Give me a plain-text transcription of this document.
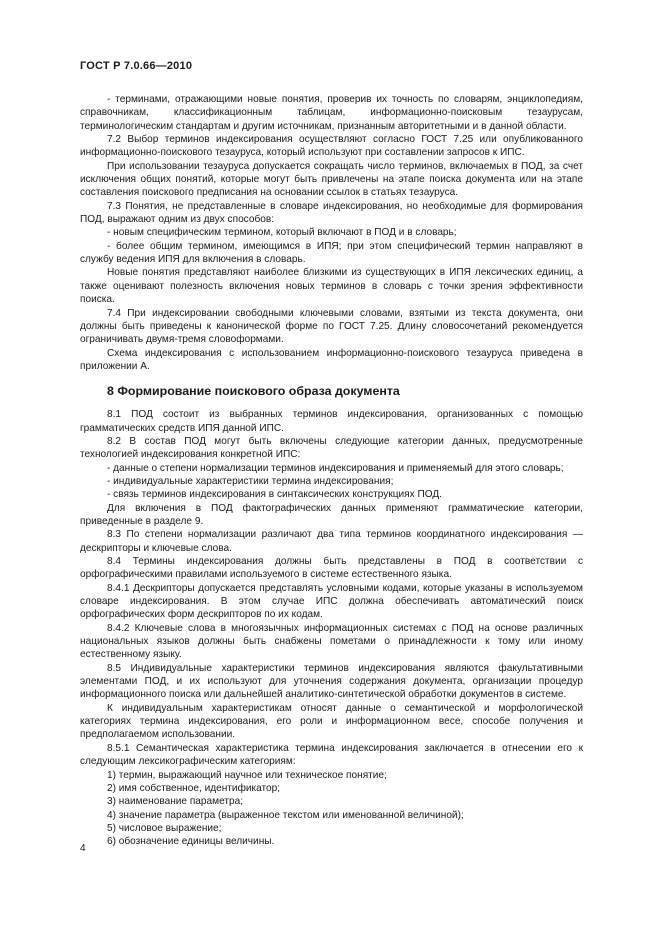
ГОСТ Р 7.0.66—2010

- терминами, отражающими новые понятия, проверив их точность по словарям, энциклопедиям, справочникам, классификационным таблицам, информационно-поисковым тезаурусам, терминологическим стандартам и другим источникам, признанным авторитетными и в данной области.

7.2 Выбор терминов индексирования осуществляют согласно ГОСТ 7.25 или опубликованного информационно-поискового тезауруса, который используют при составлении запросов к ИПС.

При использовании тезауруса допускается сокращать число терминов, включаемых в ПОД, за счет исключения общих понятий, которые могут быть привлечены на этапе поиска документа или на этапе составления поискового предписания на основании ссылок в статьях тезауруса.

7.3 Понятия, не представленные в словаре индексирования, но необходимые для формирования ПОД, выражают одним из двух способов:

- новым специфическим термином, который включают в ПОД и в словарь;

- более общим термином, имеющимся в ИПЯ; при этом специфический термин направляют в службу ведения ИПЯ для включения в словарь.

Новые понятия представляют наиболее близкими из существующих в ИПЯ лексических единиц, а также оценивают полезность включения новых терминов в словарь с точки зрения эффективности поиска.

7.4 При индексировании свободными ключевыми словами, взятыми из текста документа, они должны быть приведены к канонической форме по ГОСТ 7.25. Длину словосочетаний рекомендуется ограничивать двумя-тремя словоформами.

Схема индексирования с использованием информационно-поискового тезауруса приведена в приложении А.

8 Формирование поискового образа документа

8.1 ПОД состоит из выбранных терминов индексирования, организованных с помощью грамматических средств ИПЯ данной ИПС.

8.2 В состав ПОД могут быть включены следующие категории данных, предусмотренные технологией индексирования конкретной ИПС:

- данные о степени нормализации терминов индексирования и применяемый для этого словарь;

- индивидуальные характеристики термина индексирования;

- связь терминов индексирования в синтаксических конструкциях ПОД.

Для включения в ПОД фактографических данных применяют грамматические категории, приведенные в разделе 9.

8.3 По степени нормализации различают два типа терминов координатного индексирования — дескрипторы и ключевые слова.

8.4 Термины индексирования должны быть представлены в ПОД в соответствии с орфографическими правилами используемого в системе естественного языка.

8.4.1 Дескрипторы допускается представлять условными кодами, которые указаны в используемом словаре индексирования. В этом случае ИПС должна обеспечивать автоматический поиск орфографических форм дескрипторов по их кодам.

8.4.2 Ключевые слова в многоязычных информационных системах с ПОД на основе различных национальных языков должны быть снабжены пометами о принадлежности к тому или иному естественному языку.

8.5 Индивидуальные характеристики терминов индексирования являются факультативными элементами ПОД, и их используют для уточнения содержания документа, организации процедур информационного поиска или дальнейшей аналитико-синтетической обработки документов в системе.

К индивидуальным характеристикам относят данные о семантической и морфологической категориях термина индексирования, его роли и информационном весе, способе получения и предполагаемом использовании.

8.5.1 Семантическая характеристика термина индексирования заключается в отнесении его к следующим лексикографическим категориям:

1) термин, выражающий научное или техническое понятие;

2) имя собственное, идентификатор;

3) наименование параметра;

4) значение параметра (выраженное текстом или именованной величиной);

5) числовое выражение;

6) обозначение единицы величины.

4
